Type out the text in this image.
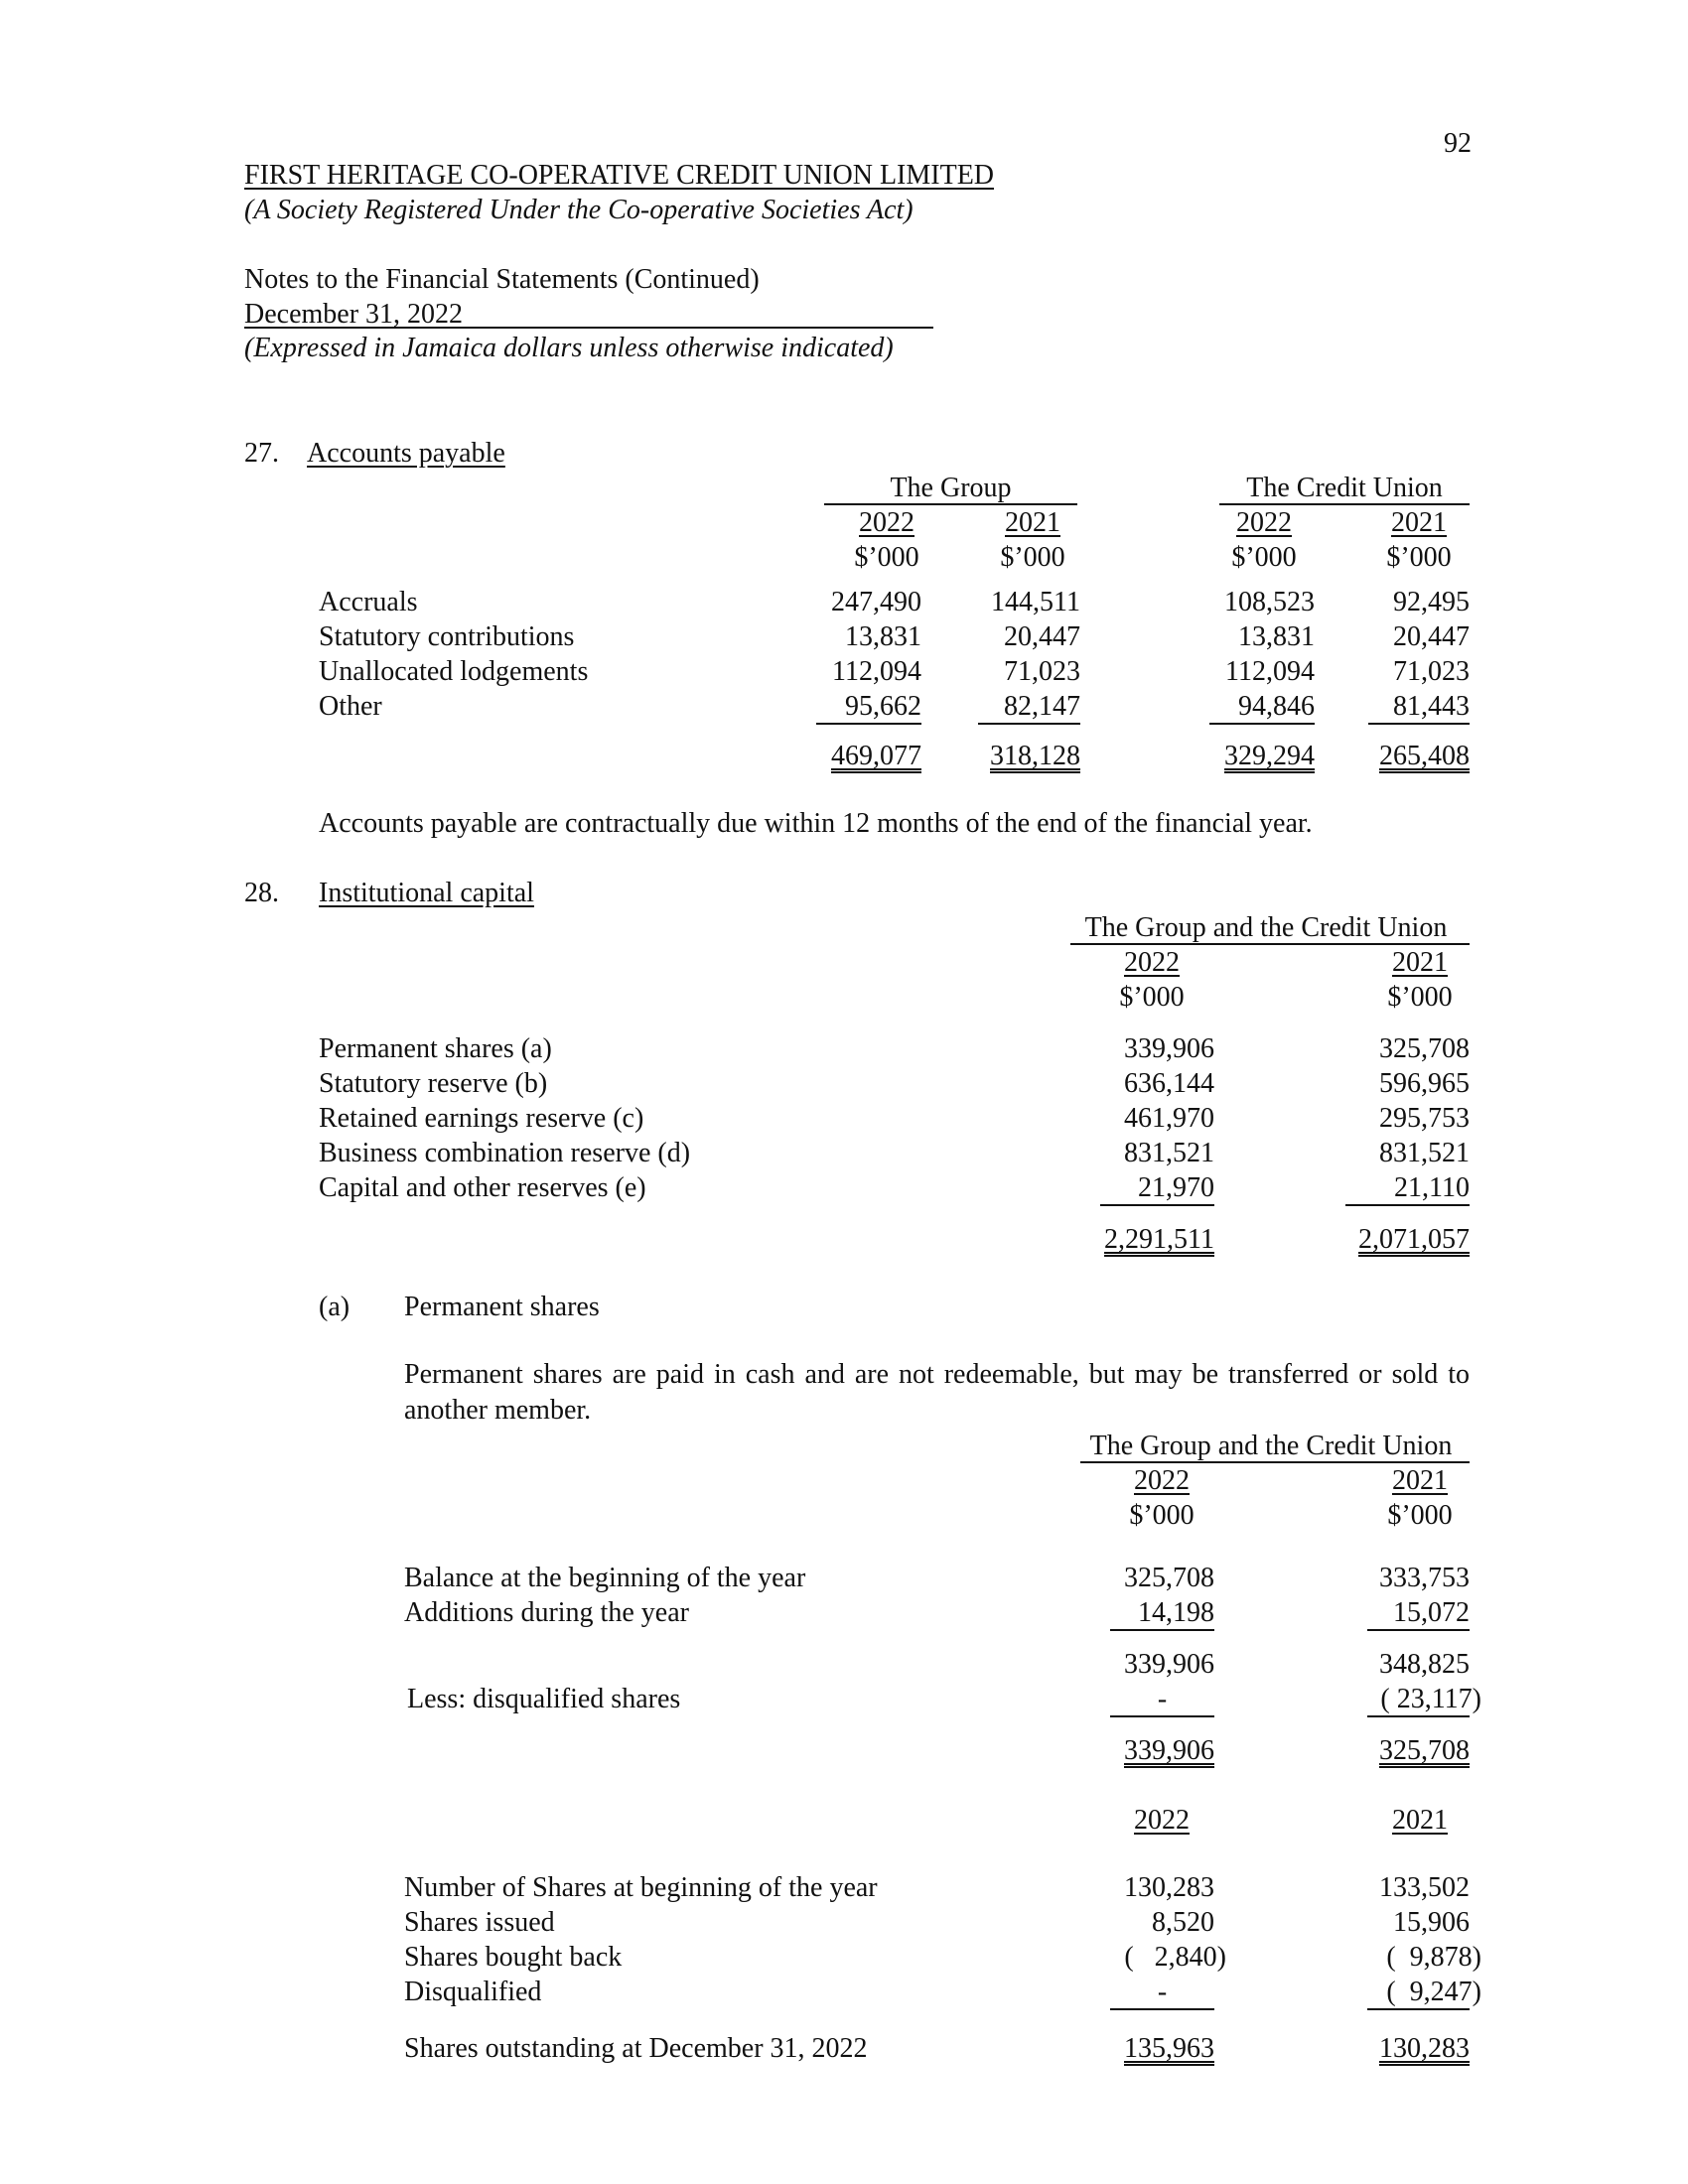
92
FIRST HERITAGE CO-OPERATIVE CREDIT UNION LIMITED
(A Society Registered Under the Co-operative Societies Act)
Notes to the Financial Statements (Continued)
December 31, 2022
(Expressed in Jamaica dollars unless otherwise indicated)
27. Accounts payable
The Group	The Credit Union
2022	2021	2022	2021
$’000	$’000	$’000	$’000
Accruals	247,490	144,511	108,523	92,495
Statutory contributions	13,831	20,447	13,831	20,447
Unallocated lodgements	112,094	71,023	112,094	71,023
Other	95,662	82,147	94,846	81,443
469,077	318,128	329,294	265,408
Accounts payable are contractually due within 12 months of the end of the financial year.
28. Institutional capital
The Group and the Credit Union
2022	2021
$’000	$’000
Permanent shares (a)	339,906	325,708
Statutory reserve (b)	636,144	596,965
Retained earnings reserve (c)	461,970	295,753
Business combination reserve (d)	831,521	831,521
Capital and other reserves (e)	21,970	21,110
2,291,511	2,071,057
(a) Permanent shares
Permanent shares are paid in cash and are not redeemable, but may be transferred or sold to another member.
The Group and the Credit Union
2022	2021
$’000	$’000
Balance at the beginning of the year	325,708	333,753
Additions during the year	14,198	15,072
339,906	348,825
Less: disqualified shares	-	( 23,117)
339,906	325,708
2022	2021
Number of Shares at beginning of the year	130,283	133,502
Shares issued	8,520	15,906
Shares bought back	(   2,840)	(  9,878)
Disqualified	-	(  9,247)
Shares outstanding at December 31, 2022	135,963	130,283
